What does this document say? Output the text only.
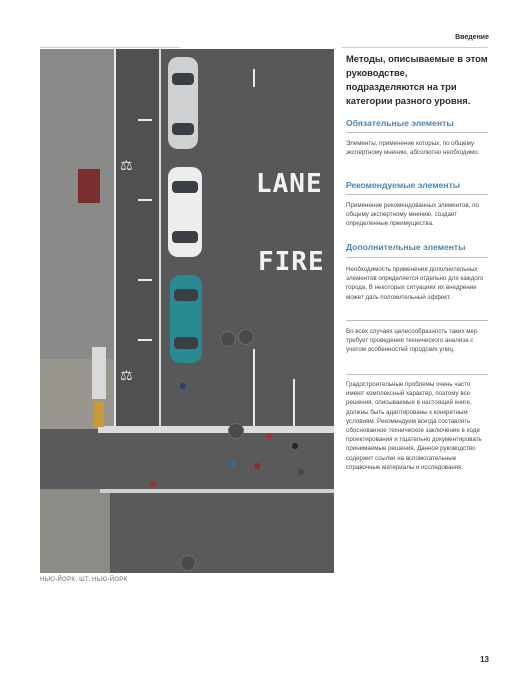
Введение
LANE
FIRE
⚖
⚖
НЬЮ-ЙОРК, ШТ. НЬЮ-ЙОРК
Методы, описываемые в этом руководстве, подразделяются на три категории разного уровня.
Обязательные элементы
Элементы, применение которых, по общему экспертному мнению, абсолютно необходимо.
Рекомендуемые элементы
Применение рекомендованных элементов, по общему экспертному мнению, создает определенные преимущества.
Дополнительные элементы
Необходимость применения дополнительных элементов определяется отдельно для каждого города. В некоторых ситуациях их внедрение может дать положительный эффект.
Во всех случаях целесообразность таких мер требует проведения технического анализа с учетом особенностей городских улиц.
Градостроительные проблемы очень часто имеют комплексный характер, поэтому все решения, описываемые в настоящей книге, должны быть адаптированы к конкретным условиям. Рекомендуем всегда составлять обоснованное техническое заключение в ходе проектирования и тщательно документировать принимаемые решения. Данное руководство содержит ссылки на вспомогательные справочные материалы и исследования.
13
